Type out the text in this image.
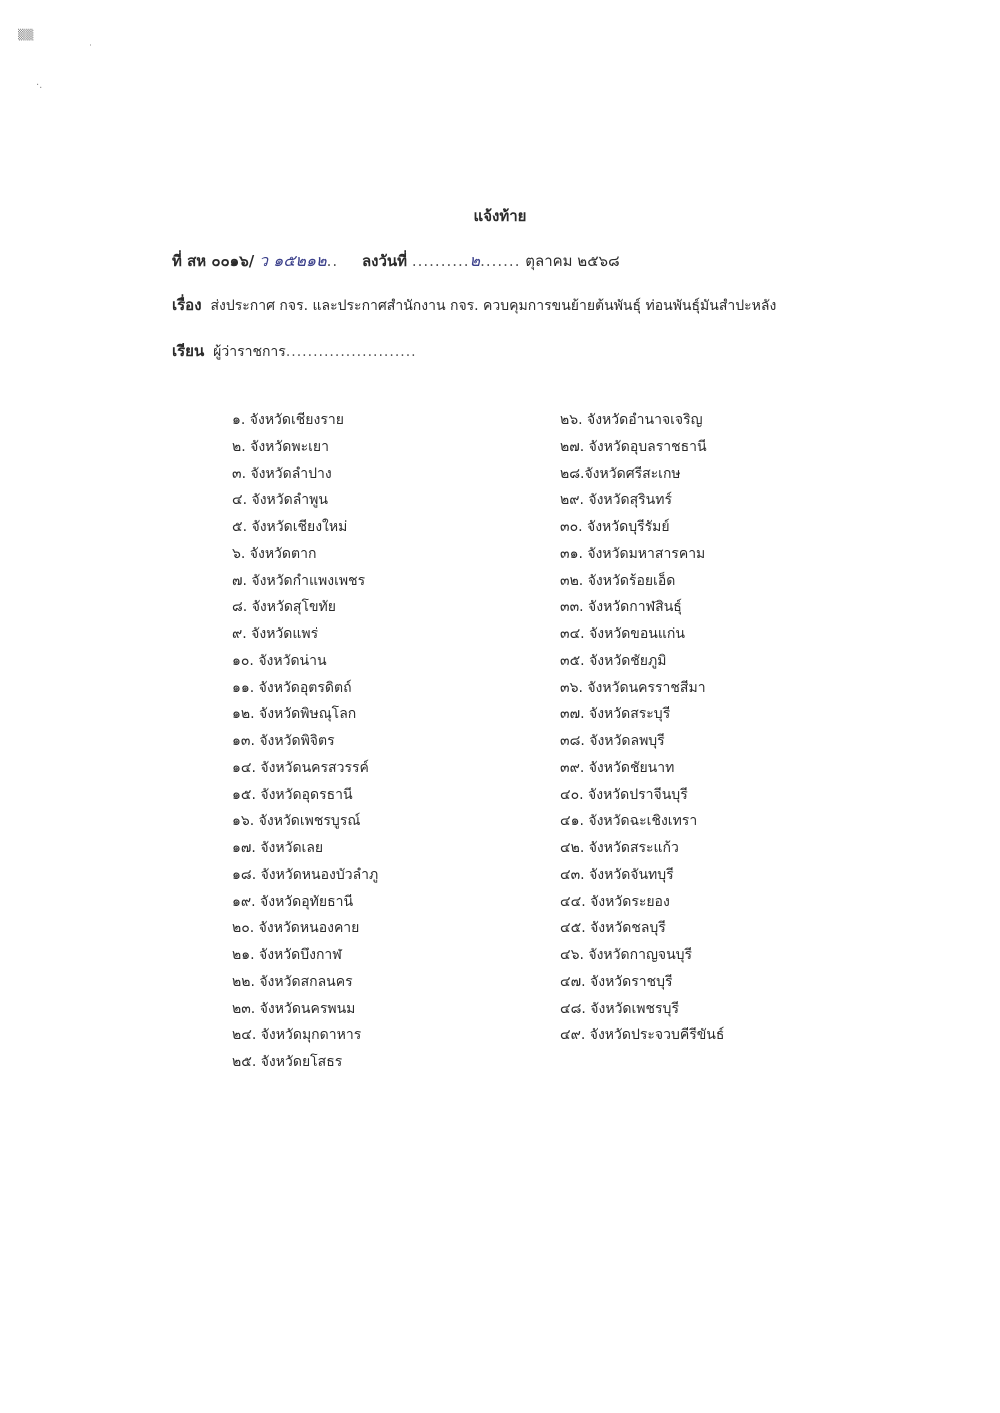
▒▒
˙
·.
แจ้งท้าย
ที่ สห ๐๐๑๖/ ว ๑๕๒๑๒.. ลงวันที่ ..........๒....... ตุลาคม ๒๕๖๘
เรื่อง ส่งประกาศ กจร. และประกาศสำนักงาน กจร. ควบคุมการขนย้ายต้นพันธุ์ ท่อนพันธุ์มันสำปะหลัง
เรียน ผู้ว่าราชการ........................
๑. จังหวัดเชียงราย
๒. จังหวัดพะเยา
๓. จังหวัดลำปาง
๔. จังหวัดลำพูน
๕. จังหวัดเชียงใหม่
๖. จังหวัดตาก
๗. จังหวัดกำแพงเพชร
๘. จังหวัดสุโขทัย
๙. จังหวัดแพร่
๑๐. จังหวัดน่าน
๑๑. จังหวัดอุตรดิตถ์
๑๒. จังหวัดพิษณุโลก
๑๓. จังหวัดพิจิตร
๑๔. จังหวัดนครสวรรค์
๑๕. จังหวัดอุดรธานี
๑๖. จังหวัดเพชรบูรณ์
๑๗. จังหวัดเลย
๑๘. จังหวัดหนองบัวลำภู
๑๙. จังหวัดอุทัยธานี
๒๐. จังหวัดหนองคาย
๒๑. จังหวัดบึงกาฬ
๒๒. จังหวัดสกลนคร
๒๓. จังหวัดนครพนม
๒๔. จังหวัดมุกดาหาร
๒๕. จังหวัดยโสธร
๒๖. จังหวัดอำนาจเจริญ
๒๗. จังหวัดอุบลราชธานี
๒๘.จังหวัดศรีสะเกษ
๒๙. จังหวัดสุรินทร์
๓๐. จังหวัดบุรีรัมย์
๓๑. จังหวัดมหาสารคาม
๓๒. จังหวัดร้อยเอ็ด
๓๓. จังหวัดกาฬสินธุ์
๓๔. จังหวัดขอนแก่น
๓๕. จังหวัดชัยภูมิ
๓๖. จังหวัดนครราชสีมา
๓๗. จังหวัดสระบุรี
๓๘. จังหวัดลพบุรี
๓๙. จังหวัดชัยนาท
๔๐. จังหวัดปราจีนบุรี
๔๑. จังหวัดฉะเชิงเทรา
๔๒. จังหวัดสระแก้ว
๔๓. จังหวัดจันทบุรี
๔๔. จังหวัดระยอง
๔๕. จังหวัดชลบุรี
๔๖. จังหวัดกาญจนบุรี
๔๗. จังหวัดราชบุรี
๔๘. จังหวัดเพชรบุรี
๔๙. จังหวัดประจวบคีรีขันธ์
